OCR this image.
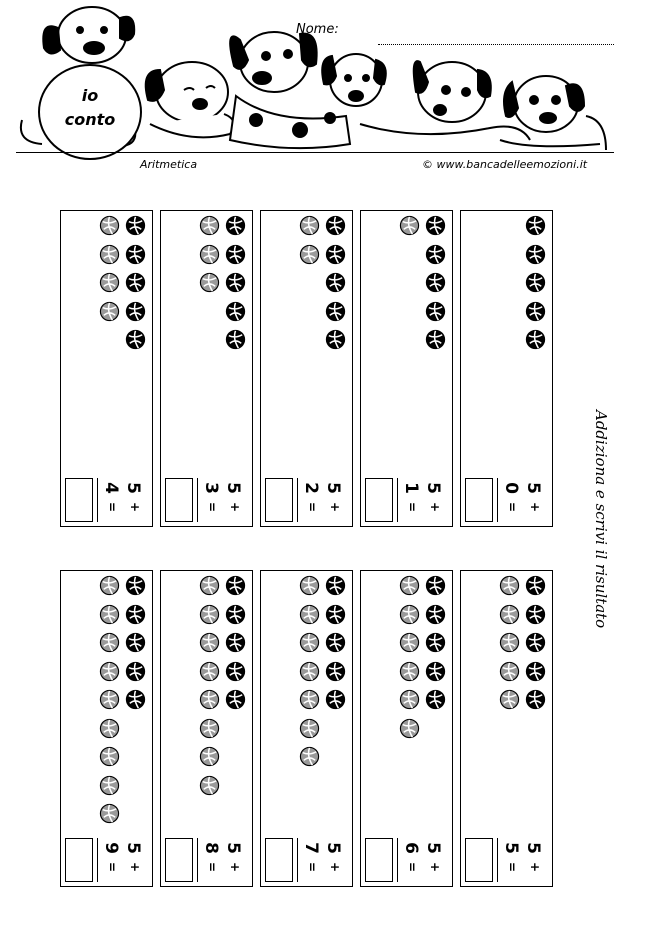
io
conto
Nome:
Aritmetica	© www.bancadelleemozioni.it
5
+
0
=
5
+
1
=
5
+
2
=
5
+
3
=
5
+
4
=
5
+
5
=
5
+
6
=
5
+
7
=
5
+
8
=
5
+
9
=
Addiziona e scrivi il risultato
